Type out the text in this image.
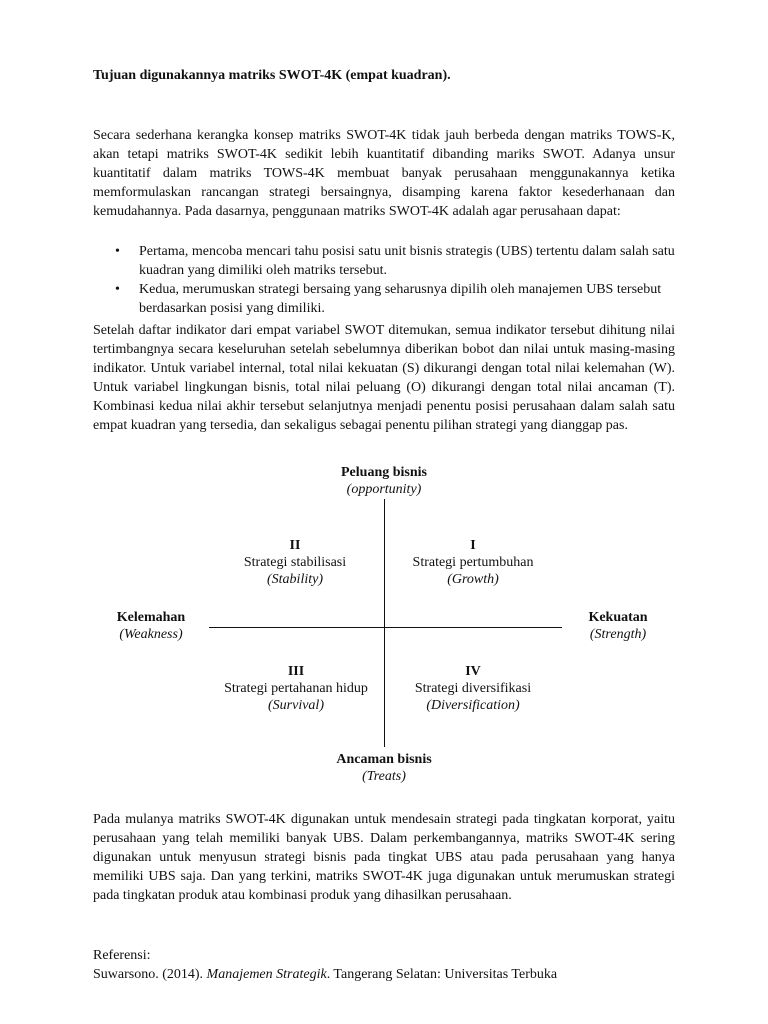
Tujuan digunakannya matriks SWOT-4K (empat kuadran).

Secara sederhana kerangka konsep matriks SWOT-4K tidak jauh berbeda dengan matriks TOWS-K, akan tetapi matriks SWOT-4K sedikit lebih kuantitatif dibanding mariks SWOT. Adanya unsur kuantitatif dalam matriks TOWS-4K membuat banyak perusahaan menggunakannya ketika memformulaskan rancangan strategi bersaingnya, disamping karena faktor kesederhanaan dan kemudahannya. Pada dasarnya, penggunaan matriks SWOT-4K adalah agar perusahaan dapat:

• Pertama, mencoba mencari tahu posisi satu unit bisnis strategis (UBS) tertentu dalam salah satu kuadran yang dimiliki oleh matriks tersebut.
• Kedua, merumuskan strategi bersaing yang seharusnya dipilih oleh manajemen UBS tersebut berdasarkan posisi yang dimiliki.

Setelah daftar indikator dari empat variabel SWOT ditemukan, semua indikator tersebut dihitung nilai tertimbangnya secara keseluruhan setelah sebelumnya diberikan bobot dan nilai untuk masing-masing indikator. Untuk variabel internal, total nilai kekuatan (S) dikurangi dengan total nilai kelemahan (W). Untuk variabel lingkungan bisnis, total nilai peluang (O) dikurangi dengan total nilai ancaman (T). Kombinasi kedua nilai akhir tersebut selanjutnya menjadi penentu posisi perusahaan dalam salah satu empat kuadran yang tersedia, dan sekaligus sebagai penentu pilihan strategi yang dianggap pas.

Peluang bisnis
(opportunity)
II
Strategi stabilisasi
(Stability)
I
Strategi pertumbuhan
(Growth)
Kelemahan
(Weakness)
Kekuatan
(Strength)
III
Strategi pertahanan hidup
(Survival)
IV
Strategi diversifikasi
(Diversification)
Ancaman bisnis
(Treats)

Pada mulanya matriks SWOT-4K digunakan untuk mendesain strategi pada tingkatan korporat, yaitu perusahaan yang telah memiliki banyak UBS. Dalam perkembangannya, matriks SWOT-4K sering digunakan untuk menyusun strategi bisnis pada tingkat UBS atau pada perusahaan yang hanya memiliki UBS saja. Dan yang terkini, matriks SWOT-4K juga digunakan untuk merumuskan strategi pada tingkatan produk atau kombinasi produk yang dihasilkan perusahaan.

Referensi:
Suwarsono. (2014). Manajemen Strategik. Tangerang Selatan: Universitas Terbuka
